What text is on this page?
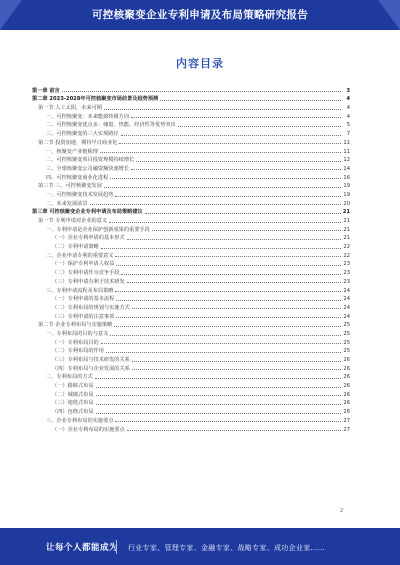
可控核聚变企业专利申请及布局策略研究报告
内容目录
第一章 前言	3
第二章 2023-2028年可控核聚变市场前景及趋势预测	4
第一节 人工太阳，未来可期	4
一、可控核聚变：未来能源终极方向	4
二、可控核聚变优点多：储量、热能、经济性等优势突出	5
三、可控核聚变的三大实现路径	7
第二节 投资加速，期待早日商业化	11
一、核聚变产业链梳理	11
二、可控核聚变项目投资规模持续增长	12
三、全球核聚变公司融资额快速增长	14
四、可控核聚变商业化进程	16
第三节 三、可控核聚变发展	19
一、可控核聚变技术发展趋势	19
二、未来发展前景	20
第三章 可控核聚变企业专利申请及布局策略建议	21
第一节 专利申请对企业的意义	21
一、专利申请是企业保护创新成果的重要手段	21
（一）企业专利申请的基本形式	21
（二）专利申请策略	22
二、企业申请专利的重要意义	22
（一）保护专利申请人权益	23
（二）专利申请作为竞争手段	23
（三）专利申请有利于技术研发	23
三、专利申请流程及布局策略	24
（一）专利申请的基本流程	24
（二）专利布局的规划与实施方式	24
（三）专利申请的注意事项	24
第二节 企业专利布局与实施策略	25
一、专利布局的目的与意义	25
（一）专利布局目的	25
（二）专利布局的作用	25
（三）专利布局与技术研发的关系	26
（四）专利布局与企业发展的关系	26
二、专利布局的方式	26
（一）路障式布局	26
（二）城墙式布局	26
（三）地毯式布局	26
（四）包绕式布局	26
三、企业专利布局的实施要点	27
（一）企业专利布局的实施要点	27
2
让每个人都能成为 行业专家、管理专家、金融专家、战略专家、成功企业家……
